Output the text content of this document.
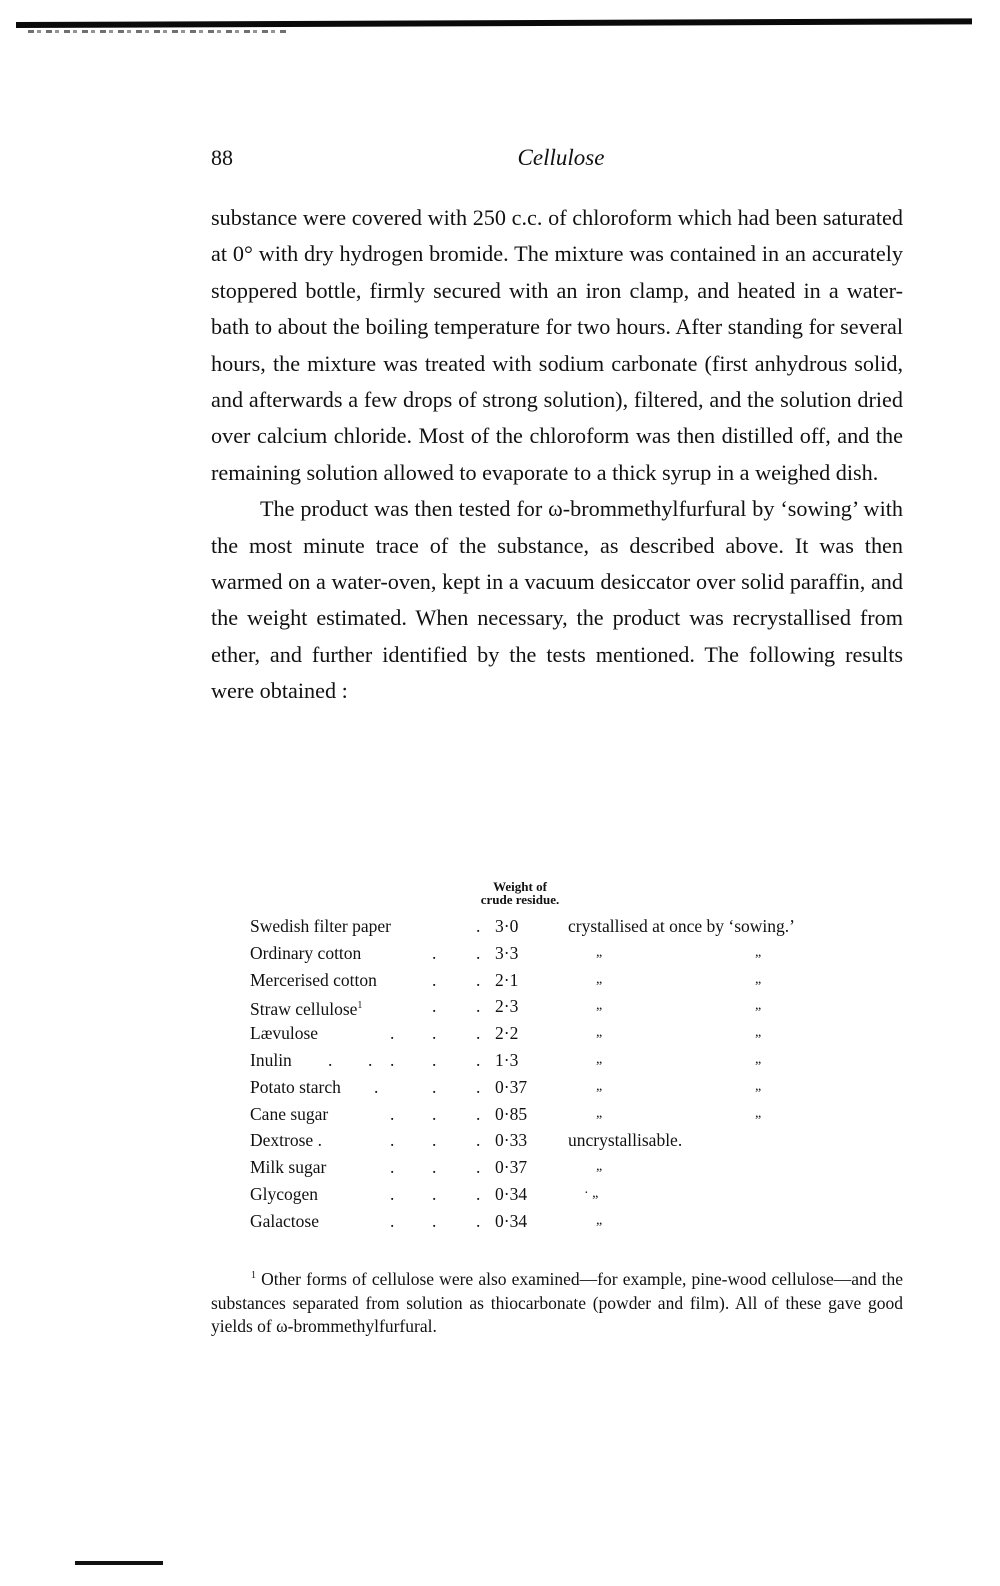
88	Cellulose

substance were covered with 250 c.c. of chloroform which had been saturated at 0° with dry hydrogen bromide. The mixture was contained in an accurately stoppered bottle, firmly secured with an iron clamp, and heated in a water-bath to about the boiling temperature for two hours. After standing for several hours, the mixture was treated with sodium carbonate (first anhydrous solid, and afterwards a few drops of strong solution), filtered, and the solution dried over calcium chloride. Most of the chloroform was then distilled off, and the remaining solution allowed to evaporate to a thick syrup in a weighed dish.

The product was then tested for ω-brommethylfurfural by ‘sowing’ with the most minute trace of the substance, as described above. It was then warmed on a water-oven, kept in a vacuum desiccator over solid paraffin, and the weight estimated. When necessary, the product was recrystallised from ether, and further identified by the tests mentioned. The following results were obtained :

Weight of
crude residue.
Swedish filter paper	. 3·0	crystallised at once by ‘sowing.’
Ordinary cotton	. . 3·3	„	„
Mercerised cotton	. . 2·1	„	„
Straw cellulose$^1$	. . 2·3	„	„
Lævulose	. . . 2·2	„	„
Inulin . . . . . 1·3	„	„
Potato starch .	. . 0·37	„	„
Cane sugar	. . . 0·85	„	„
Dextrose .	. . . 0·33 uncrystallisable.
Milk sugar	. . . 0·37	„
Glycogen	. . . 0·34	· „
Galactose	. . . 0·34	„

$^1$ Other forms of cellulose were also examined—for example, pine-wood cellulose—and the substances separated from solution as thiocarbonate (powder and film). All of these gave good yields of ω-brommethylfurfural.
